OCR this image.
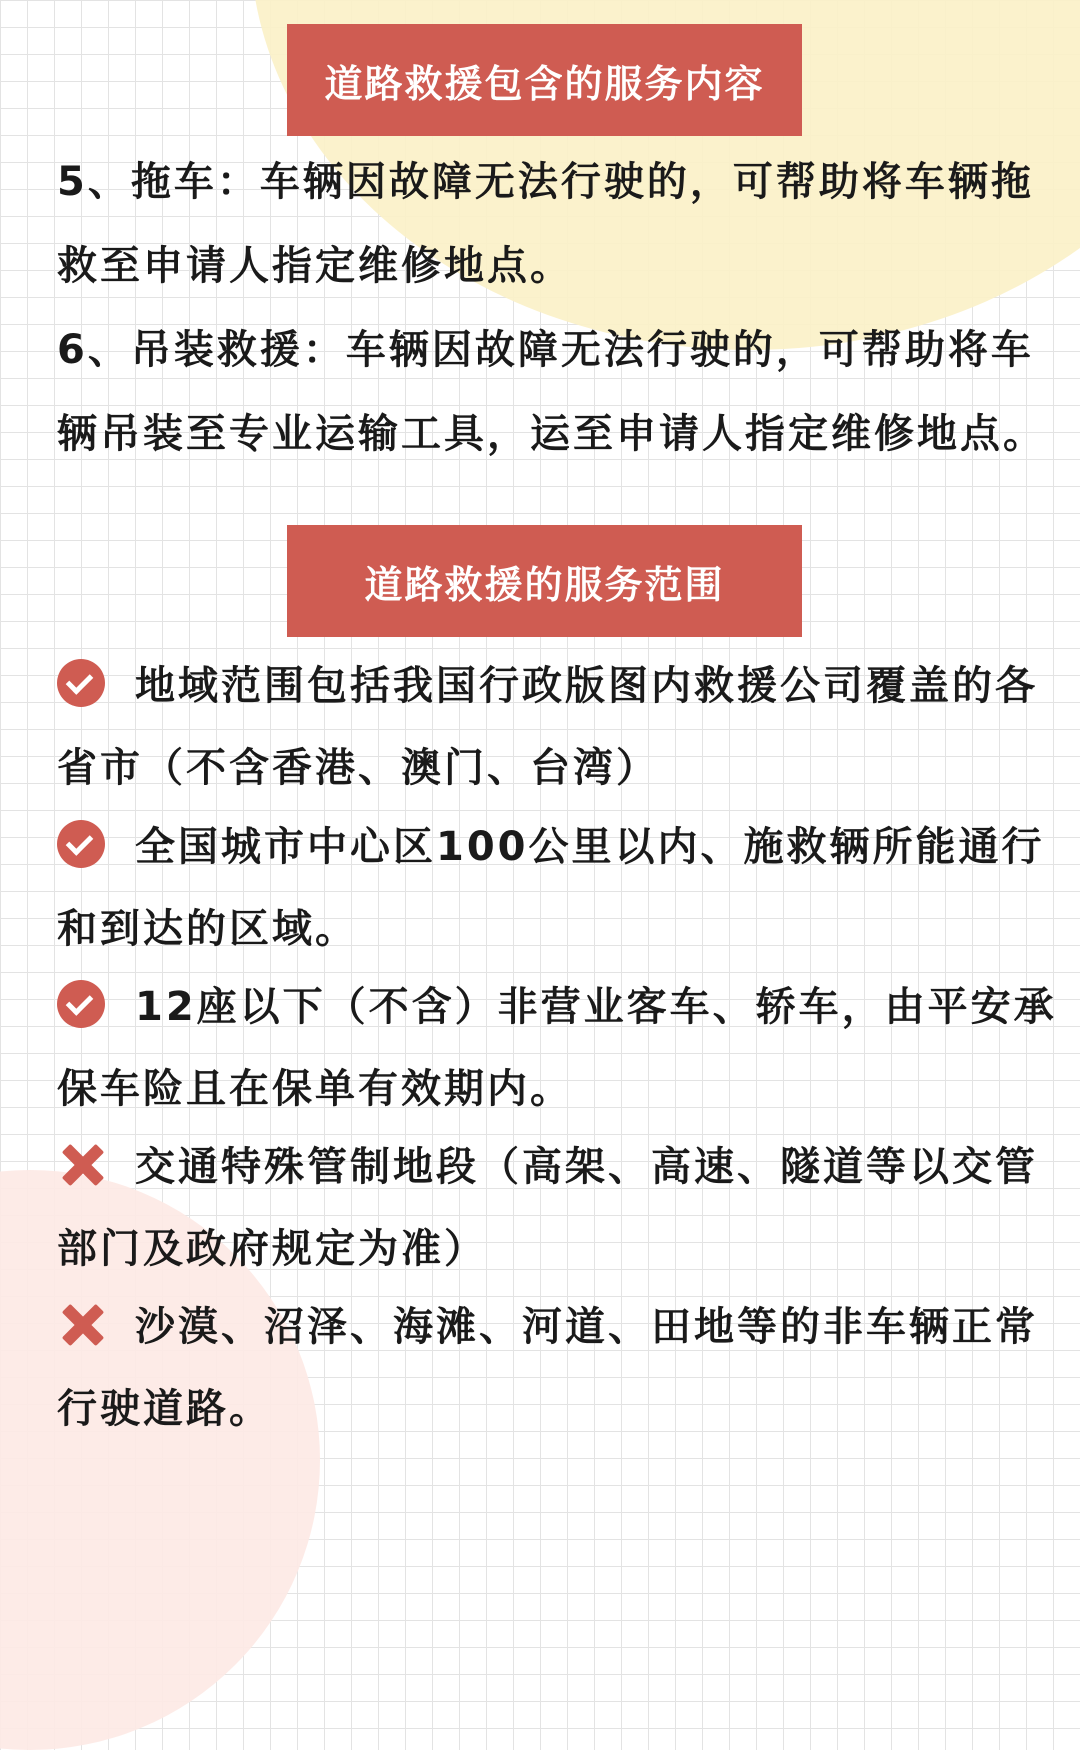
道路救援包含的服务内容

5、拖车：车辆因故障无法行驶的，可帮助将车辆拖救至申请人指定维修地点。

6、吊装救援：车辆因故障无法行驶的，可帮助将车辆吊装至专业运输工具，运至申请人指定维修地点。

道路救援的服务范围
地域范围包括我国行政版图内救援公司覆盖的各省市（不含香港、澳门、台湾）
全国城市中心区100公里以内、施救辆所能通行和到达的区域。
12座以下（不含）非营业客车、轿车，由平安承保车险且在保单有效期内。
交通特殊管制地段（高架、高速、隧道等以交管部门及政府规定为准）
沙漠、沼泽、海滩、河道、田地等的非车辆正常行驶道路。
